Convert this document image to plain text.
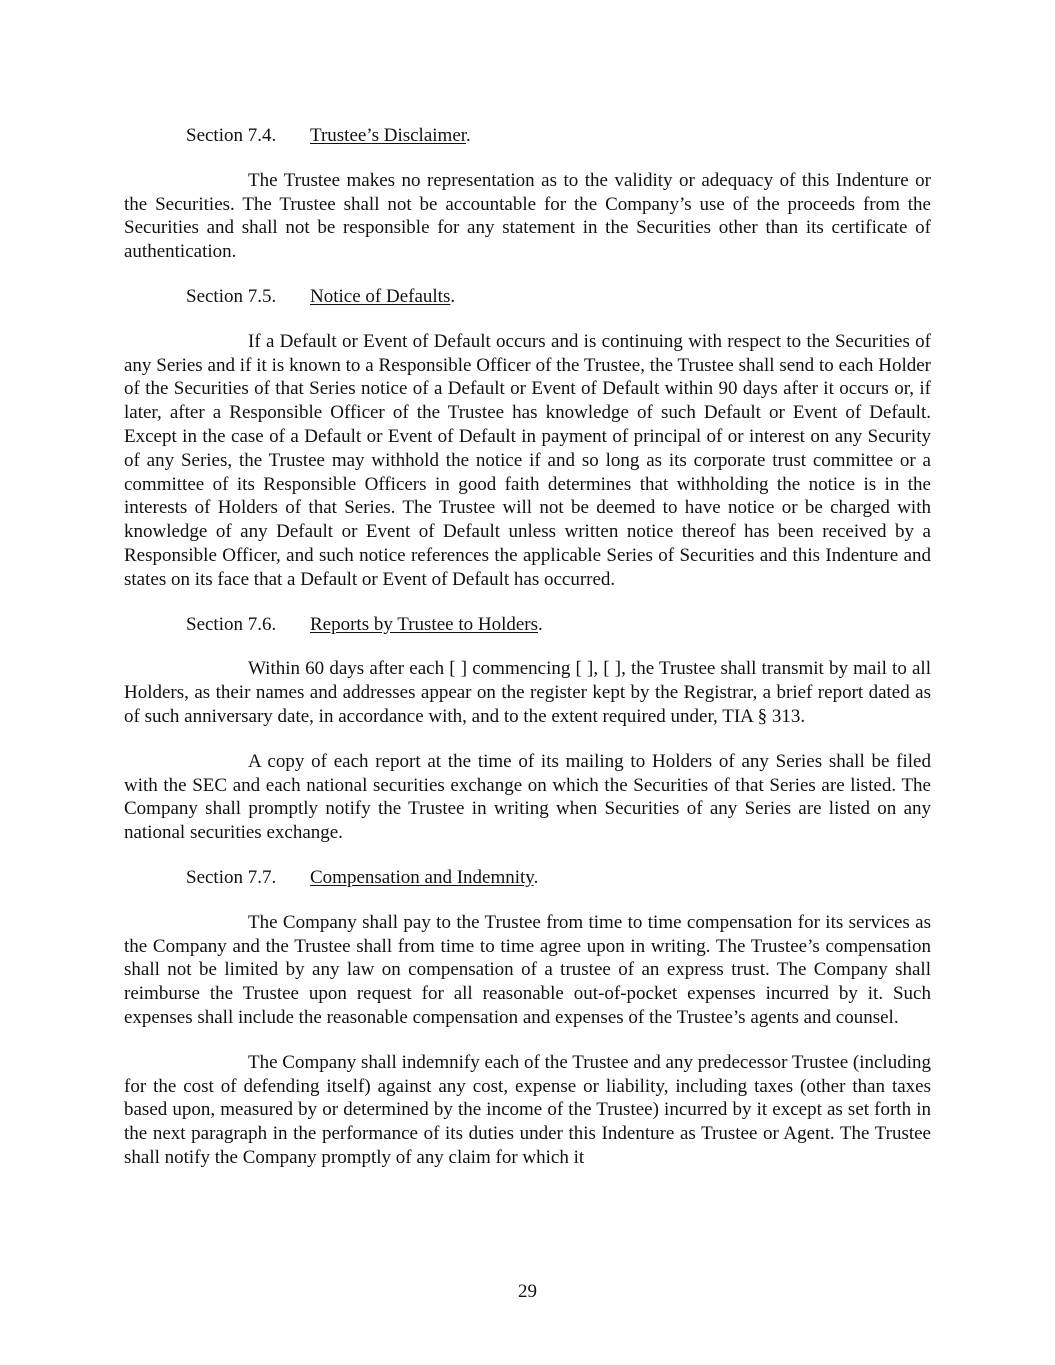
Section 7.4. Trustee’s Disclaimer.

The Trustee makes no representation as to the validity or adequacy of this Indenture or the Securities. The Trustee shall not be accountable for the Company’s use of the proceeds from the Securities and shall not be responsible for any statement in the Securities other than its certificate of authentication.

Section 7.5. Notice of Defaults.

If a Default or Event of Default occurs and is continuing with respect to the Securities of any Series and if it is known to a Responsible Officer of the Trustee, the Trustee shall send to each Holder of the Securities of that Series notice of a Default or Event of Default within 90 days after it occurs or, if later, after a Responsible Officer of the Trustee has knowledge of such Default or Event of Default. Except in the case of a Default or Event of Default in payment of principal of or interest on any Security of any Series, the Trustee may withhold the notice if and so long as its corporate trust committee or a committee of its Responsible Officers in good faith determines that withholding the notice is in the interests of Holders of that Series. The Trustee will not be deemed to have notice or be charged with knowledge of any Default or Event of Default unless written notice thereof has been received by a Responsible Officer, and such notice references the applicable Series of Securities and this Indenture and states on its face that a Default or Event of Default has occurred.

Section 7.6. Reports by Trustee to Holders.

Within 60 days after each [ ] commencing [ ], [ ], the Trustee shall transmit by mail to all Holders, as their names and addresses appear on the register kept by the Registrar, a brief report dated as of such anniversary date, in accordance with, and to the extent required under, TIA § 313.

A copy of each report at the time of its mailing to Holders of any Series shall be filed with the SEC and each national securities exchange on which the Securities of that Series are listed. The Company shall promptly notify the Trustee in writing when Securities of any Series are listed on any national securities exchange.

Section 7.7. Compensation and Indemnity.

The Company shall pay to the Trustee from time to time compensation for its services as the Company and the Trustee shall from time to time agree upon in writing. The Trustee’s compensation shall not be limited by any law on compensation of a trustee of an express trust. The Company shall reimburse the Trustee upon request for all reasonable out-of-pocket expenses incurred by it. Such expenses shall include the reasonable compensation and expenses of the Trustee’s agents and counsel.

The Company shall indemnify each of the Trustee and any predecessor Trustee (including for the cost of defending itself) against any cost, expense or liability, including taxes (other than taxes based upon, measured by or determined by the income of the Trustee) incurred by it except as set forth in the next paragraph in the performance of its duties under this Indenture as Trustee or Agent. The Trustee shall notify the Company promptly of any claim for which it

29
